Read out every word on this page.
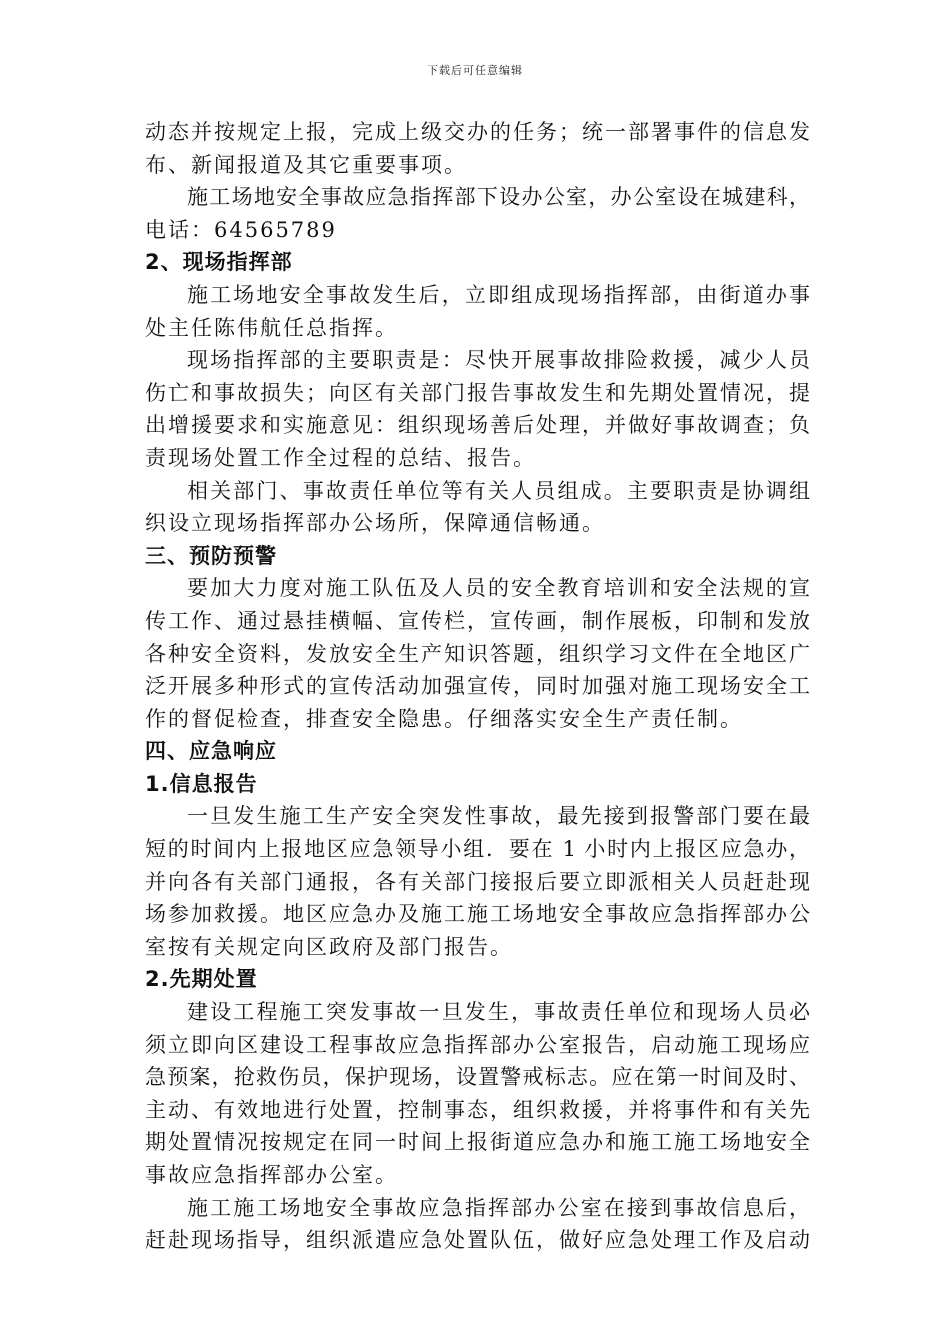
下载后可任意编辑
动态并按规定上报，完成上级交办的任务；统一部署事件的信息发
布、新闻报道及其它重要事项。
施工场地安全事故应急指挥部下设办公室，办公室设在城建科，
电话：64565789
2、现场指挥部
施工场地安全事故发生后，立即组成现场指挥部，由街道办事
处主任陈伟航任总指挥。
现场指挥部的主要职责是：尽快开展事故排险救援，减少人员
伤亡和事故损失；向区有关部门报告事故发生和先期处置情况，提
出增援要求和实施意见：组织现场善后处理，并做好事故调查；负
责现场处置工作全过程的总结、报告。
相关部门、事故责任单位等有关人员组成。主要职责是协调组
织设立现场指挥部办公场所，保障通信畅通。
三、预防预警
要加大力度对施工队伍及人员的安全教育培训和安全法规的宣
传工作、通过悬挂横幅、宣传栏，宣传画，制作展板，印制和发放
各种安全资料，发放安全生产知识答题，组织学习文件在全地区广
泛开展多种形式的宣传活动加强宣传，同时加强对施工现场安全工
作的督促检查，排查安全隐患。仔细落实安全生产责任制。
四、应急响应
1.信息报告
一旦发生施工生产安全突发性事故，最先接到报警部门要在最
短的时间内上报地区应急领导小组．要在 1 小时内上报区应急办，
并向各有关部门通报，各有关部门接报后要立即派相关人员赶赴现
场参加救援。地区应急办及施工施工场地安全事故应急指挥部办公
室按有关规定向区政府及部门报告。
2.先期处置
建设工程施工突发事故一旦发生，事故责任单位和现场人员必
须立即向区建设工程事故应急指挥部办公室报告，启动施工现场应
急预案，抢救伤员，保护现场，设置警戒标志。应在第一时间及时、
主动、有效地进行处置，控制事态，组织救援，并将事件和有关先
期处置情况按规定在同一时间上报街道应急办和施工施工场地安全
事故应急指挥部办公室。
施工施工场地安全事故应急指挥部办公室在接到事故信息后，
赶赴现场指导，组织派遣应急处置队伍，做好应急处理工作及启动
